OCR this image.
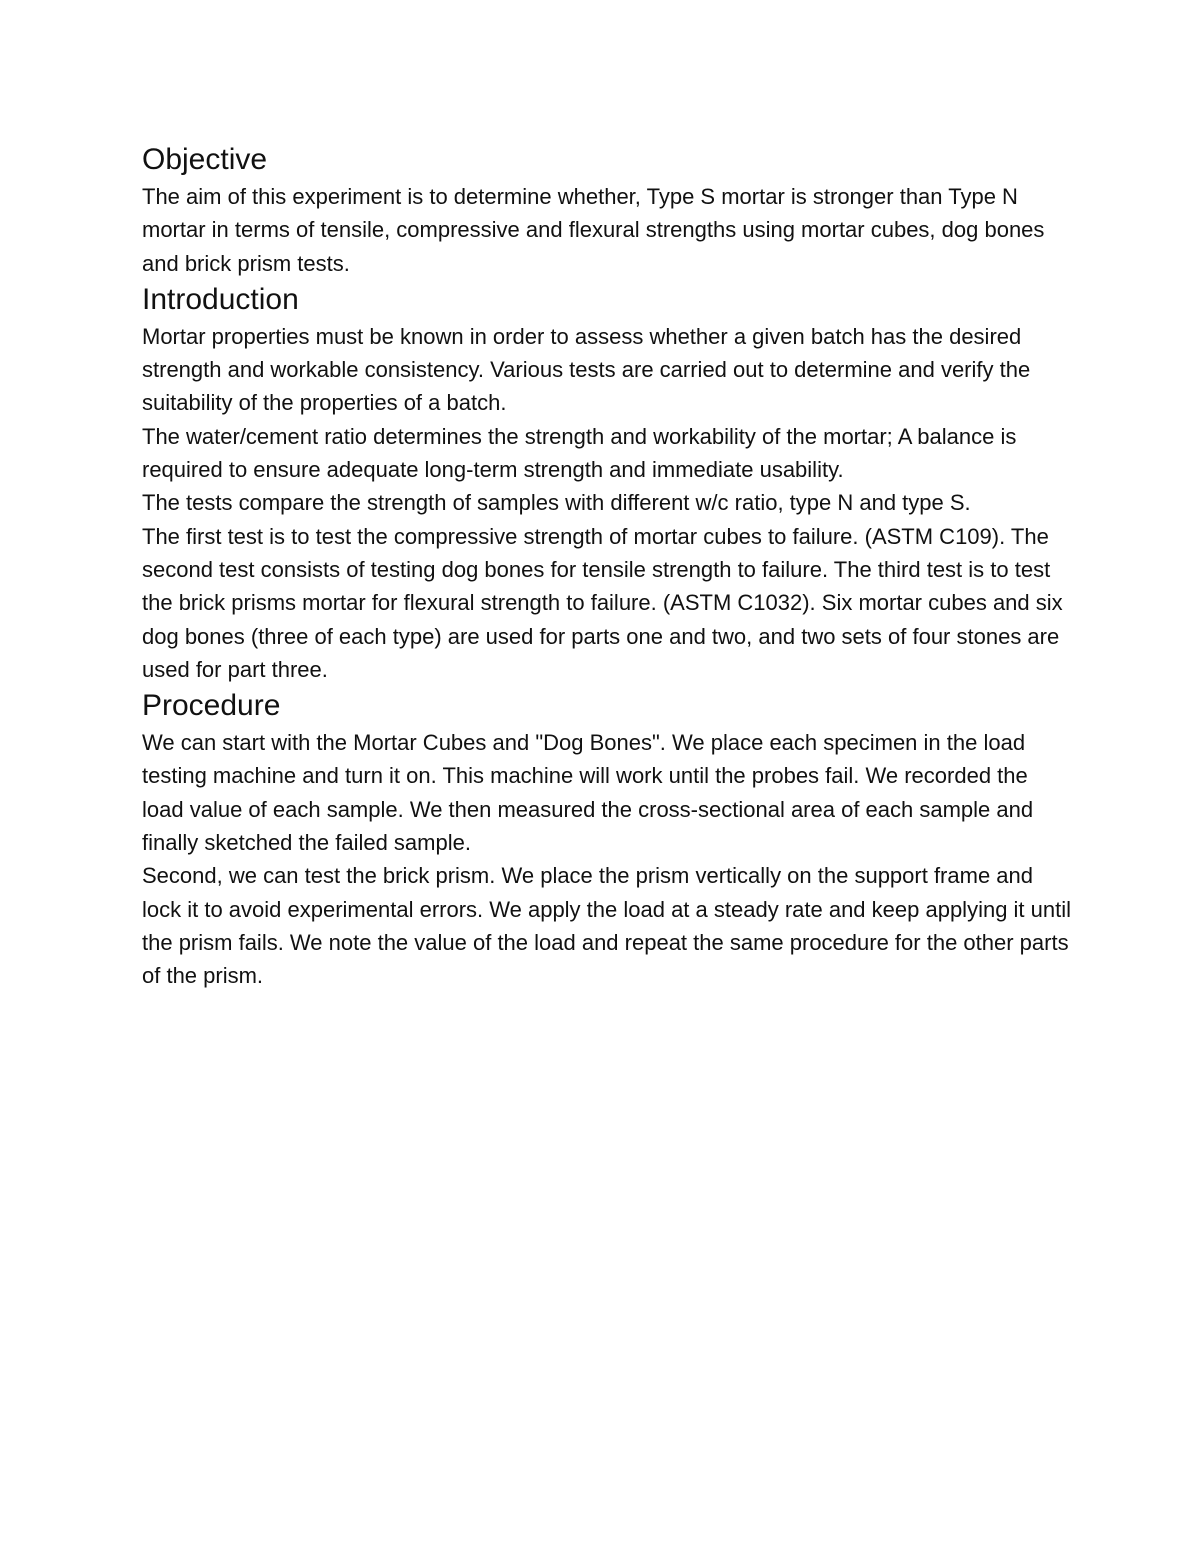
Objective

The aim of this experiment is to determine whether, Type S mortar is stronger than Type N mortar in terms of tensile, compressive and flexural strengths using mortar cubes, dog bones and brick prism tests.

Introduction

Mortar properties must be known in order to assess whether a given batch has the desired strength and workable consistency. Various tests are carried out to determine and verify the suitability of the properties of a batch.

The water/cement ratio determines the strength and workability of the mortar; A balance is required to ensure adequate long-term strength and immediate usability.

The tests compare the strength of samples with different w/c ratio, type N and type S.

The first test is to test the compressive strength of mortar cubes to failure. (ASTM C109). The second test consists of testing dog bones for tensile strength to failure. The third test is to test the brick prisms mortar for flexural strength to failure. (ASTM C1032). Six mortar cubes and six dog bones (three of each type) are used for parts one and two, and two sets of four stones are used for part three.

Procedure

We can start with the Mortar Cubes and "Dog Bones". We place each specimen in the load testing machine and turn it on. This machine will work until the probes fail. We recorded the load value of each sample. We then measured the cross-sectional area of each sample and finally sketched the failed sample.

Second, we can test the brick prism. We place the prism vertically on the support frame and lock it to avoid experimental errors. We apply the load at a steady rate and keep applying it until the prism fails. We note the value of the load and repeat the same procedure for the other parts of the prism.
